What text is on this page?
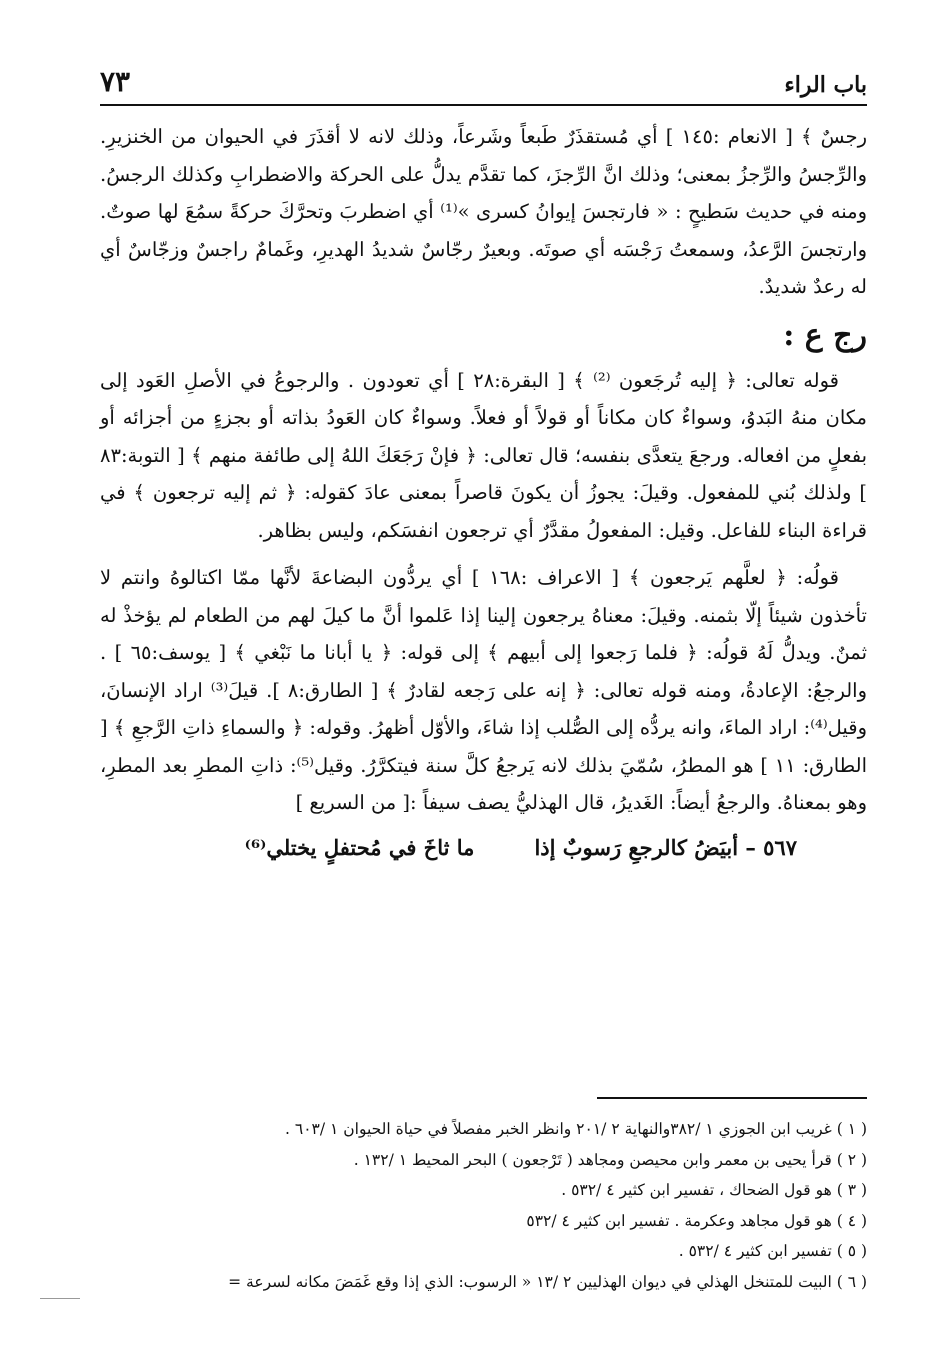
باب الراء
٧٣

رجسٌ ﴾ [ الانعام :١٤٥ ] أي مُستقذَرٌ طَبعاً وشَرعاً، وذلك لانه لا أقذَرَ في الحيوان من الخنزيرِ. والرِّجسُ والرِّجزُ بمعنى؛ وذلك انَّ الرِّجزَ، كما تقدَّم يدلُّ على الحركة والاضطرابِ وكذلك الرجسُ. ومنه في حديث سَطيحٍ : « فارتجسَ إيوانُ كسرى »⁽¹⁾ أي اضطربَ وتحرَّكَ حركةً سمُعَ لها صوتٌ. وارتجسَ الرَّعدُ، وسمعتُ رَجْسَه أي صوتَه. وبعيرٌ رجّاسٌ شديدُ الهديرِ، وغَمامٌ راجسٌ وزجّاسٌ أي له رعدٌ شديدٌ.

رج ع :

قوله تعالى: ﴿ إليه تُرجَعون ⁽²⁾ ﴾ [ البقرة:٢٨ ] أي تعودون . والرجوعُ في الأصلِ العَود إلى مكان منهُ البَدوُ، وسواءٌ كان مكاناً أو قولاً أو فعلاً. وسواءٌ كان العَودُ بذاته أو بجزءٍ من أجزائه أو بفعلٍ من افعاله. ورجعَ يتعدَّى بنفسه؛ قال تعالى: ﴿ فإنْ رَجَعَكَ اللهُ إلى طائفة منهم ﴾ [ التوبة:٨٣ ] ولذلك بُني للمفعول. وقيلَ: يجوزُ أن يكونَ قاصراً بمعنى عادَ كقوله: ﴿ ثم إليه ترجعون ﴾ في قراءة البناء للفاعل. وقيل: المفعولُ مقدَّرٌ أي ترجعون انفسَكم، وليس بظاهر.

قولُه: ﴿ لعلَّهم يَرجعون ﴾ [ الاعراف :١٦٨ ] أي يردُّون البضاعةَ لأنَّها ممّا اكتالوهُ وانتم لا تأخذون شيئاً إلّا بثمنه. وقيلَ: معناهُ يرجعون إلينا إذا عَلموا أنَّ ما كيلَ لهم من الطعام لم يؤخذْ له ثمنٌ. ويدلُّ لَهُ قولُه: ﴿ فلما رَجعوا إلى أبيهم ﴾ إلى قوله: ﴿ يا أبانا ما نَبْغي ﴾ [ يوسف:٦٥ ] . والرجعُ: الإعادةُ، ومنه قوله تعالى: ﴿ إنه على رَجعه لقادرٌ ﴾ [ الطارق:٨ ]. قيلَ⁽³⁾ اراد الإنسانَ، وقيل⁽⁴⁾: اراد الماءَ، وانه يردُّه إلى الصُّلب إذا شاءَ، والأوّل أظهرُ. وقوله: ﴿ والسماءِ ذاتِ الرَّجعِ ﴾ [ الطارق: ١١ ] هو المطرُ، سُمّيَ بذلك لانه يَرجعُ كلَّ سنة فيتكرَّرُ. وقيل⁽⁵⁾: ذاتِ المطرِ بعد المطرِ، وهو بمعناهُ. والرجعُ أيضاً: الغَديرُ، قال الهذليُّ يصف سيفاً :[ من السريع ]

٥٦٧ – أبيَضُ كالرجعِ رَسوبٌ إذا
ما ثاخَ في مُحتفلٍ يختلي⁽⁶⁾

( ١ ) غريب ابن الجوزي ١ /٣٨٢والنهاية ٢ /٢٠١ وانظر الخبر مفصلاً في حياة الحيوان ١ /٦٠٣ .

( ٢ ) قرأ يحيى بن معمر وابن محيصن ومجاهد ( تَرْجعون ) البحر المحيط ١ /١٣٢ .

( ٣ ) هو قول الضحاك ، تفسير ابن كثير ٤ /٥٣٢ .

( ٤ ) هو قول مجاهد وعكرمة . تفسير ابن كثير ٤ /٥٣٢

( ٥ ) تفسير ابن كثير ٤ /٥٣٢ .

( ٦ ) البيت للمتنخل الهذلي في ديوان الهذليين ٢ /١٣ « الرسوب: الذي إذا وقع غَمَضَ مكانه لسرعة =
